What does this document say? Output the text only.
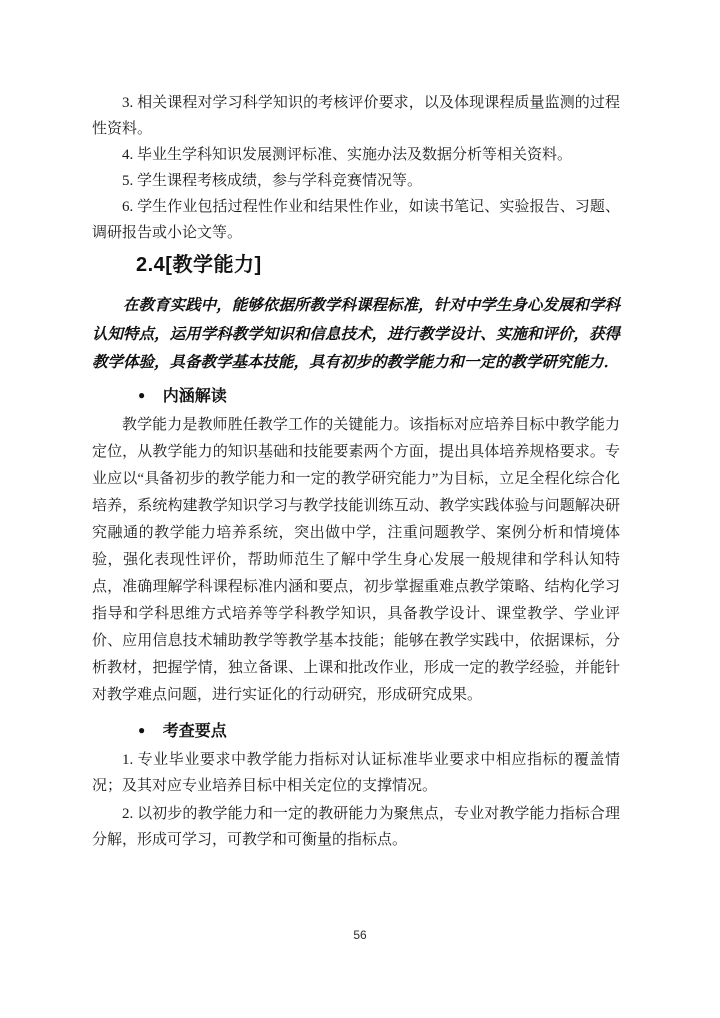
3. 相关课程对学习科学知识的考核评价要求，以及体现课程质量监测的过程性资料。

4. 毕业生学科知识发展测评标准、实施办法及数据分析等相关资料。

5. 学生课程考核成绩，参与学科竞赛情况等。

6. 学生作业包括过程性作业和结果性作业，如读书笔记、实验报告、习题、调研报告或小论文等。

2.4[教学能力]

在教育实践中，能够依据所教学科课程标准，针对中学生身心发展和学科认知特点，运用学科教学知识和信息技术，进行教学设计、实施和评价，获得教学体验，具备教学基本技能，具有初步的教学能力和一定的教学研究能力．

● 内涵解读

教学能力是教师胜任教学工作的关键能力。该指标对应培养目标中教学能力定位，从教学能力的知识基础和技能要素两个方面，提出具体培养规格要求。专业应以“具备初步的教学能力和一定的教学研究能力”为目标，立足全程化综合化培养，系统构建教学知识学习与教学技能训练互动、教学实践体验与问题解决研究融通的教学能力培养系统，突出做中学，注重问题教学、案例分析和情境体验，强化表现性评价，帮助师范生了解中学生身心发展一般规律和学科认知特点，准确理解学科课程标准内涵和要点，初步掌握重难点教学策略、结构化学习指导和学科思维方式培养等学科教学知识，具备教学设计、课堂教学、学业评价、应用信息技术辅助教学等教学基本技能；能够在教学实践中，依据课标，分析教材，把握学情，独立备课、上课和批改作业，形成一定的教学经验，并能针对教学难点问题，进行实证化的行动研究，形成研究成果。

● 考查要点

1. 专业毕业要求中教学能力指标对认证标准毕业要求中相应指标的覆盖情况；及其对应专业培养目标中相关定位的支撑情况。

2. 以初步的教学能力和一定的教研能力为聚焦点，专业对教学能力指标合理分解，形成可学习，可教学和可衡量的指标点。

56
